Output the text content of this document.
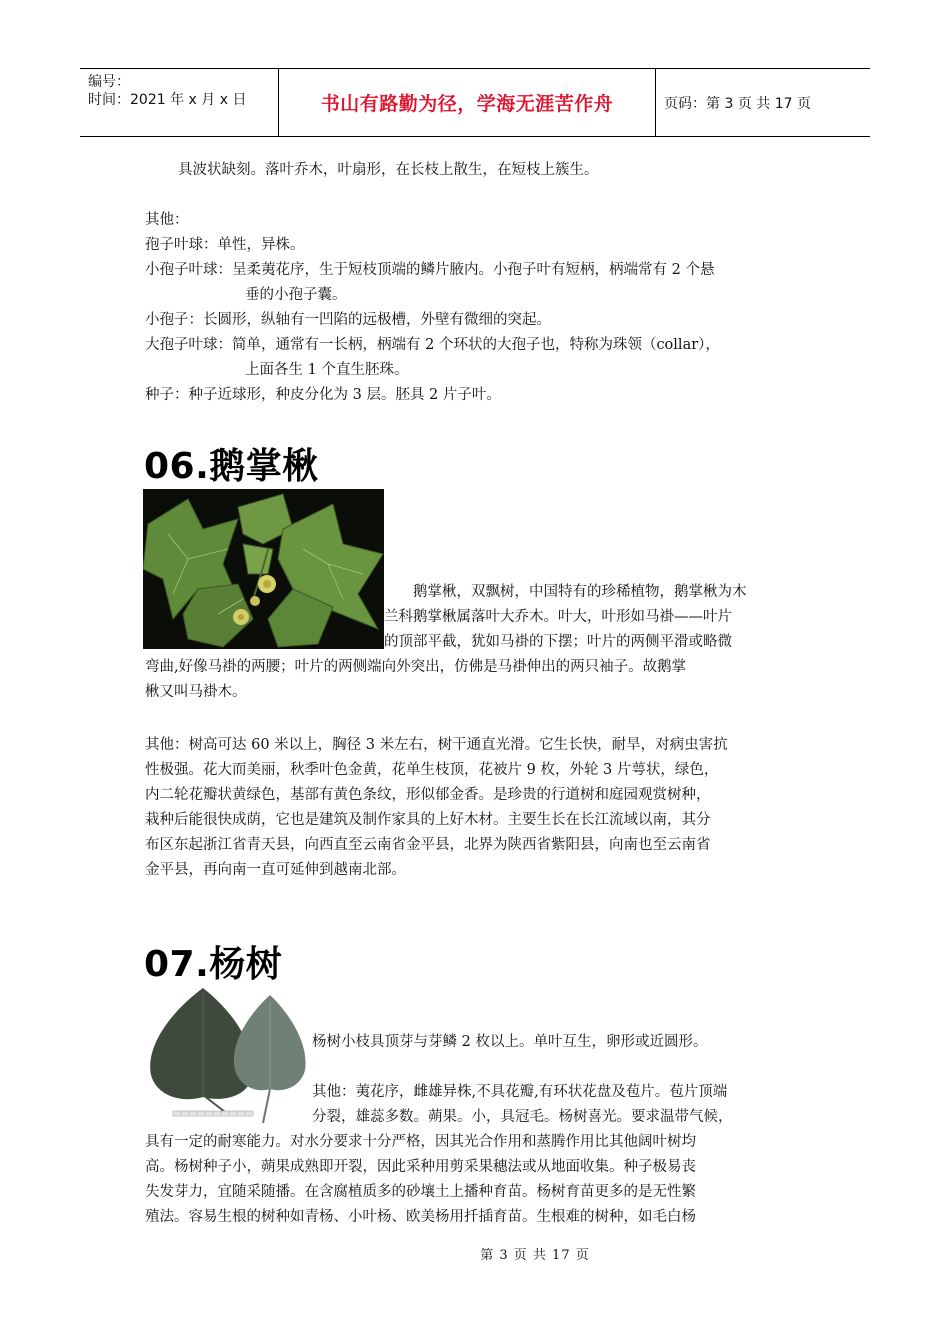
编号：
时间：2021 年 x 月 x 日	书山有路勤为径，学海无涯苦作舟	页码：第 3 页 共 17 页

具波状缺刻。落叶乔木，叶扇形，在长枝上散生，在短枝上簇生。

其他：

孢子叶球：单性，异株。

小孢子叶球：呈柔荑花序，生于短枝顶端的鳞片腋内。小孢子叶有短柄，柄端常有 2 个悬

垂的小孢子囊。

小孢子：长圆形，纵轴有一凹陷的远极槽，外壁有微细的突起。

大孢子叶球：简单，通常有一长柄，柄端有 2 个环状的大孢子也，特称为珠领（collar），

上面各生 1 个直生胚珠。

种子：种子近球形，种皮分化为 3 层。胚具 2 片子叶。

06.鹅掌楸

鹅掌楸，双飘树，中国特有的珍稀植物，鹅掌楸为木

兰科鹅掌楸属落叶大乔木。叶大，叶形如马褂——叶片

的顶部平截，犹如马褂的下摆；叶片的两侧平滑或略微

弯曲,好像马褂的两腰；叶片的两侧端向外突出，仿佛是马褂伸出的两只袖子。故鹅掌

楸又叫马褂木。

其他：树高可达 60 米以上，胸径 3 米左右，树干通直光滑。它生长快，耐旱，对病虫害抗

性极强。花大而美丽，秋季叶色金黄，花单生枝顶，花被片 9 枚，外轮 3 片萼状，绿色，

内二轮花瓣状黄绿色，基部有黄色条纹，形似郁金香。是珍贵的行道树和庭园观赏树种，

栽种后能很快成荫，它也是建筑及制作家具的上好木材。主要生长在长江流域以南，其分

布区东起浙江省青天县，向西直至云南省金平县，北界为陕西省紫阳县，向南也至云南省

金平县，再向南一直可延伸到越南北部。

07.杨树

杨树小枝具顶芽与芽鳞 2 枚以上。单叶互生，卵形或近圆形。

其他：荑花序，雌雄异株,不具花瓣,有环状花盘及苞片。苞片顶端

分裂，雄蕊多数。蒴果。小，具冠毛。杨树喜光。要求温带气候，

具有一定的耐寒能力。对水分要求十分严格，因其光合作用和蒸腾作用比其他阔叶树均

高。杨树种子小，蒴果成熟即开裂，因此采种用剪采果穗法或从地面收集。种子极易丧

失发芽力，宜随采随播。在含腐植质多的砂壤土上播种育苗。杨树育苗更多的是无性繁

殖法。容易生根的树种如青杨、小叶杨、欧美杨用扦插育苗。生根难的树种，如毛白杨

第 3 页 共 17 页
